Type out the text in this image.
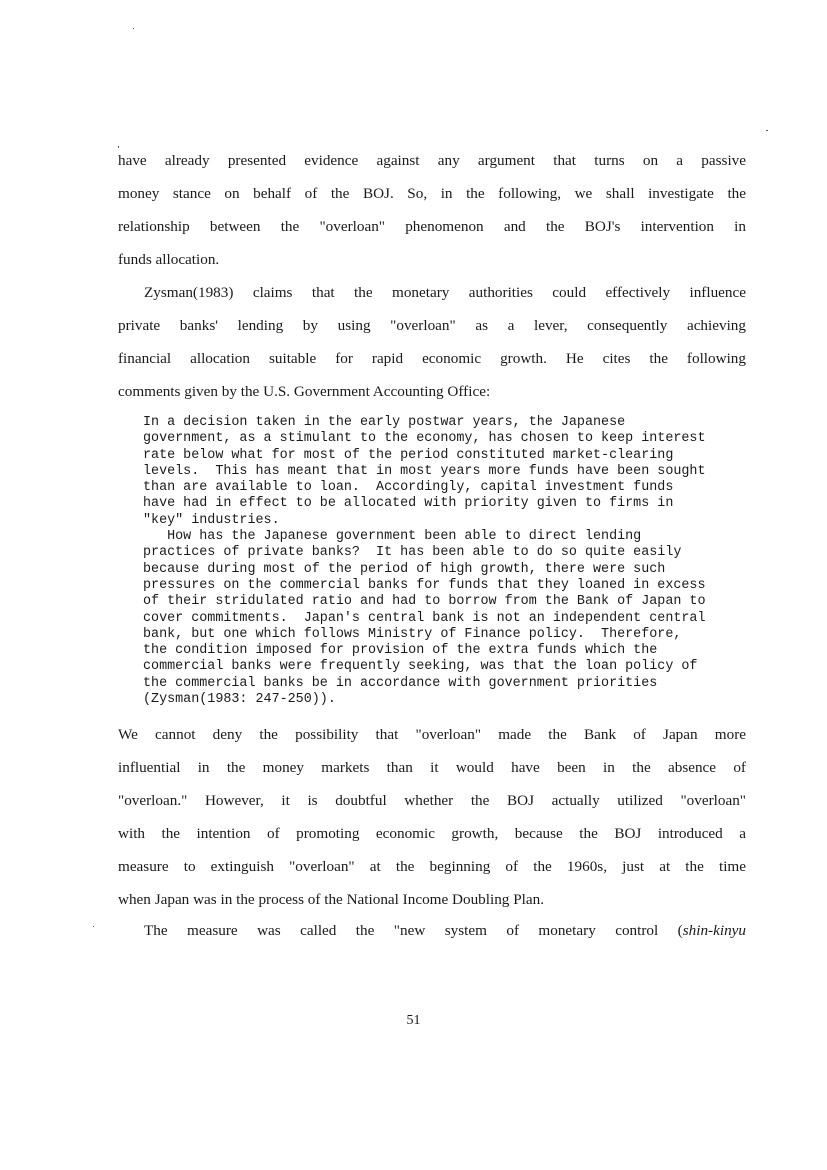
have already presented evidence against any argument that turns on a passive
money stance on behalf of the BOJ. So, in the following, we shall investigate the
relationship between the "overloan" phenomenon and the BOJ's intervention in
funds allocation.
Zysman(1983) claims that the monetary authorities could effectively influence
private banks' lending by using "overloan" as a lever, consequently achieving
financial allocation suitable for rapid economic growth. He cites the following
comments given by the U.S. Government Accounting Office:
In a decision taken in the early postwar years, the Japanese
government, as a stimulant to the economy, has chosen to keep interest
rate below what for most of the period constituted market-clearing
levels.  This has meant that in most years more funds have been sought
than are available to loan.  Accordingly, capital investment funds
have had in effect to be allocated with priority given to firms in
"key" industries.
How has the Japanese government been able to direct lending
practices of private banks?  It has been able to do so quite easily
because during most of the period of high growth, there were such
pressures on the commercial banks for funds that they loaned in excess
of their stridulated ratio and had to borrow from the Bank of Japan to
cover commitments.  Japan's central bank is not an independent central
bank, but one which follows Ministry of Finance policy.  Therefore,
the condition imposed for provision of the extra funds which the
commercial banks were frequently seeking, was that the loan policy of
the commercial banks be in accordance with government priorities
(Zysman(1983: 247-250)).
We cannot deny the possibility that "overloan" made the Bank of Japan more
influential in the money markets than it would have been in the absence of
"overloan." However, it is doubtful whether the BOJ actually utilized "overloan"
with the intention of promoting economic growth, because the BOJ introduced a
measure to extinguish "overloan" at the beginning of the 1960s, just at the time
when Japan was in the process of the National Income Doubling Plan.
The measure was called the "new system of monetary control (shin-kinyu
51
